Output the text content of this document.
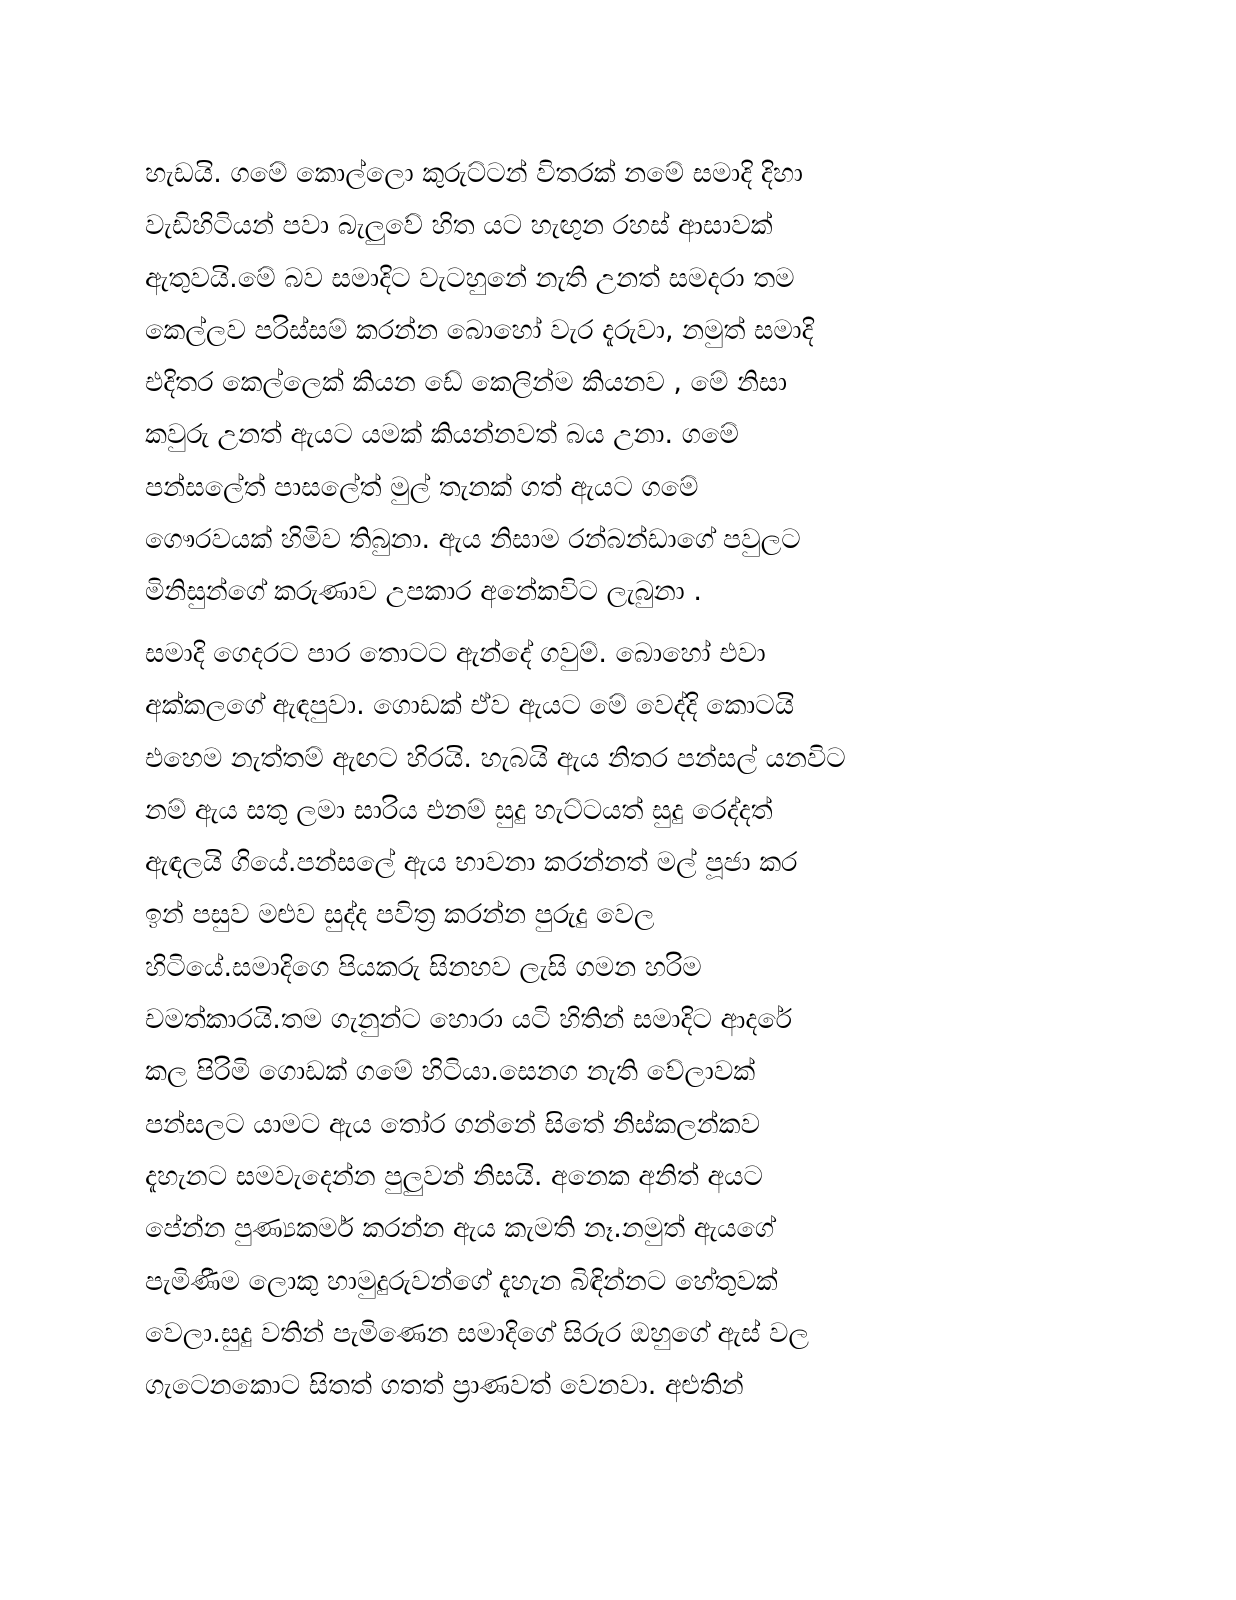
හැඩයි. ගමේ කොල්ලො කුරුට්ටන් විතරක් නමේ සමාදි දිහා
වැඩිහිටියන් පවා බැලුවේ හිත යට හැඟුන රහස් ආසාවක්
ඇතුවයි.මේ බව සමාදිට වැටහුනේ නැති උනත් සමදරා තම
කෙල්ලව පරිස්සම් කරන්න බොහෝ වැර දැරුවා, නමුත් සමාදි
එදිතර කෙල්ලෙක් කියන ඩේ කෙලින්ම කියනව , මේ නිසා
කවුරු උනත් ඇයට යමක් කියන්නවත් බය උනා. ගමේ
පන්සලේත් පාසලේත් මුල් තැනක් ගත් ඇයට ගමේ
ගෞරවයක් හිමිව තිබුනා. ඇය නිසාම රන්බන්ඩාගේ පවුලට
මිනිසුන්ගේ කරුණාව උපකාර අනේකවිට ලැබුනා .
සමාදි ගෙදරට පාර තොටට ඇන්දේ ගවුම්. බොහෝ එවා
අක්කලගේ ඇඳපුවා. ගොඩක් ඒව ඇයට මේ වෙද්දි කොටයි
එහෙම නැත්තම් ඇඟට හිරයි. හැබයි ඇය නිතර පන්සල් යනවිට
නම් ඇය සතු ලමා සාරිය එනම් සුදු හැට්ටයත් සුදු රෙද්දත්
ඇඳලයි ගියේ.පන්සලේ ඇය භාවනා කරන්නත් මල් පූජා කර
ඉන් පසුව මළුව සුද්ද පවිත්‍ර කරන්න පුරුදු වෙල
හිටියේ.සමාදිගෙ පියකරු සිනහව ලැසි ගමන හරිම
චමත්කාරයි.තම ගැනුන්ට හොරා යටි හිතින් සමාදිට ආදරේ
කල පිරිමි ගොඩක් ගමේ හිටියා.සෙනග නැති වේලාවක්
පන්සලට යාමට ඇය තෝර ගන්නේ සිතේ නිස්කලන්කව
දැහැනට සමවැදෙන්න පුලුවන් නිසයි. අනෙක අනිත් අයට
පේන්න පුණ්‍යකර්ම කරන්න ඇය කැමති නෑ.නමුත් ඇයගේ
පැමිණීම ලොකු හාමුදුරුවන්ගේ දැහැන බිඳින්නට හේතුවක්
වෙලා.සුදු වතින් පැමිණෙන සමාදිගේ සිරුර ඔහුගේ ඇස් වල
ගැටෙනකොට සිතත් ගතත් ප්‍රාණවත් වෙනවා. අළුතින්
